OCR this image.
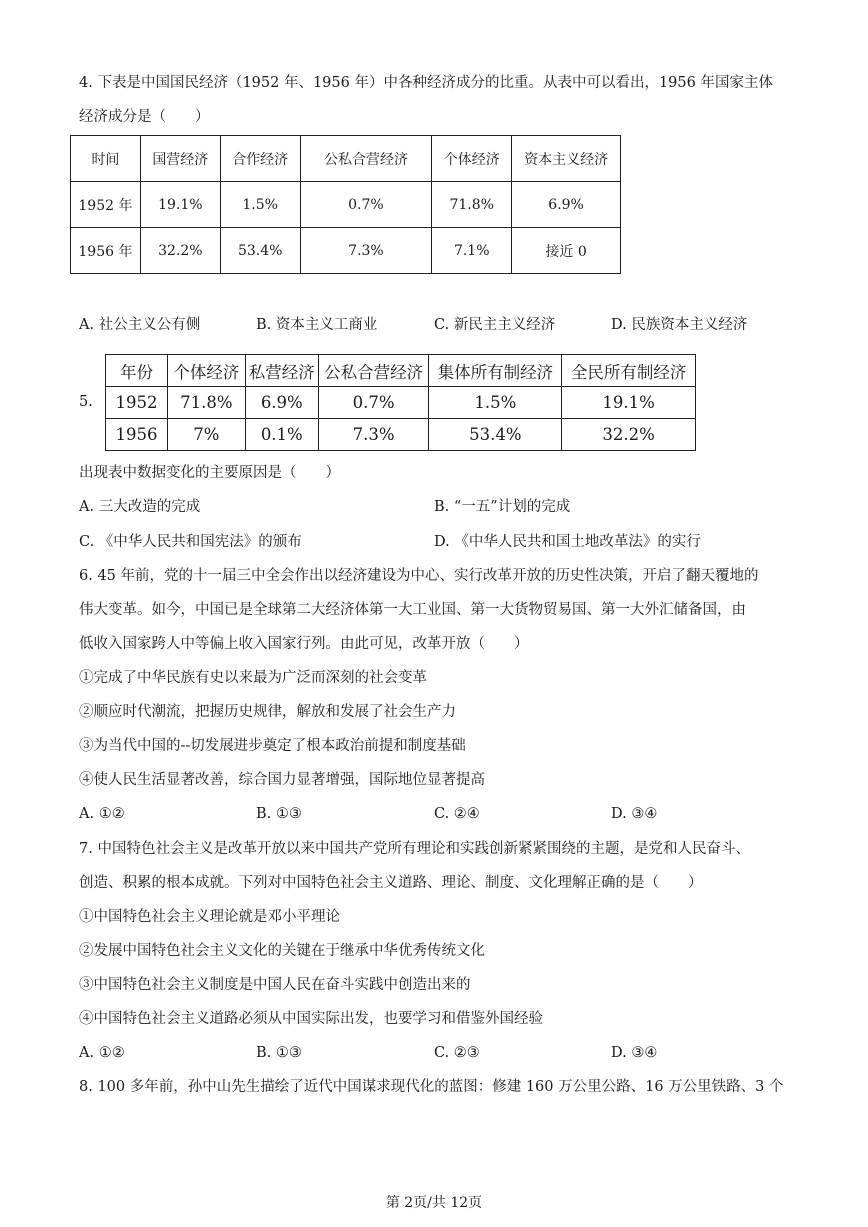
4. 下表是中国国民经济（1952 年、1956 年）中各种经济成分的比重。从表中可以看出，1956 年国家主体
经济成分是（　　）
时间	国营经济	合作经济	公私合营经济	个体经济	资本主义经济
1952 年	19.1%	1.5%	0.7%	71.8%	6.9%
1956 年	32.2%	53.4%	7.3%	7.1%	接近 0
A. 社公主义公有侧	B. 资本主义工商业	C. 新民主主义经济	D. 民族资本主义经济
5.
年份	个体经济	私营经济	公私合营经济	集体所有制经济	全民所有制经济
1952	71.8%	6.9%	0.7%	1.5%	19.1%
1956	7%	0.1%	7.3%	53.4%	32.2%
出现表中数据变化的主要原因是（　　）
A. 三大改造的完成	B. “一五”计划的完成
C. 《中华人民共和国宪法》的颁布	D. 《中华人民共和国土地改革法》的实行
6. 45 年前，党的十一届三中全会作出以经济建设为中心、实行改革开放的历史性决策，开启了翻天覆地的
伟大变革。如今，中国已是全球第二大经济体第一大工业国、第一大货物贸易国、第一大外汇储备国，由
低收入国家跨人中等偏上收入国家行列。由此可见，改革开放（　　）
①完成了中华民族有史以来最为广泛而深刻的社会变革
②顺应时代潮流，把握历史规律，解放和发展了社会生产力
③为当代中国的--切发展进步奠定了根本政治前提和制度基础
④使人民生活显著改善，综合国力显著增强，国际地位显著提高
A. ①②	B. ①③	C. ②④	D. ③④
7. 中国特色社会主义是改革开放以来中国共产党所有理论和实践创新紧紧围绕的主题，是党和人民奋斗、
创造、积累的根本成就。下列对中国特色社会主义道路、理论、制度、文化理解正确的是（　　）
①中国特色社会主义理论就是邓小平理论
②发展中国特色社会主义文化的关键在于继承中华优秀传统文化
③中国特色社会主义制度是中国人民在奋斗实践中创造出来的
④中国特色社会主义道路必须从中国实际出发，也要学习和借鉴外国经验
A. ①②	B. ①③	C. ②③	D. ③④
8. 100 多年前，孙中山先生描绘了近代中国谋求现代化的蓝图：修建 160 万公里公路、16 万公里铁路、3 个
第 2页/共 12页
